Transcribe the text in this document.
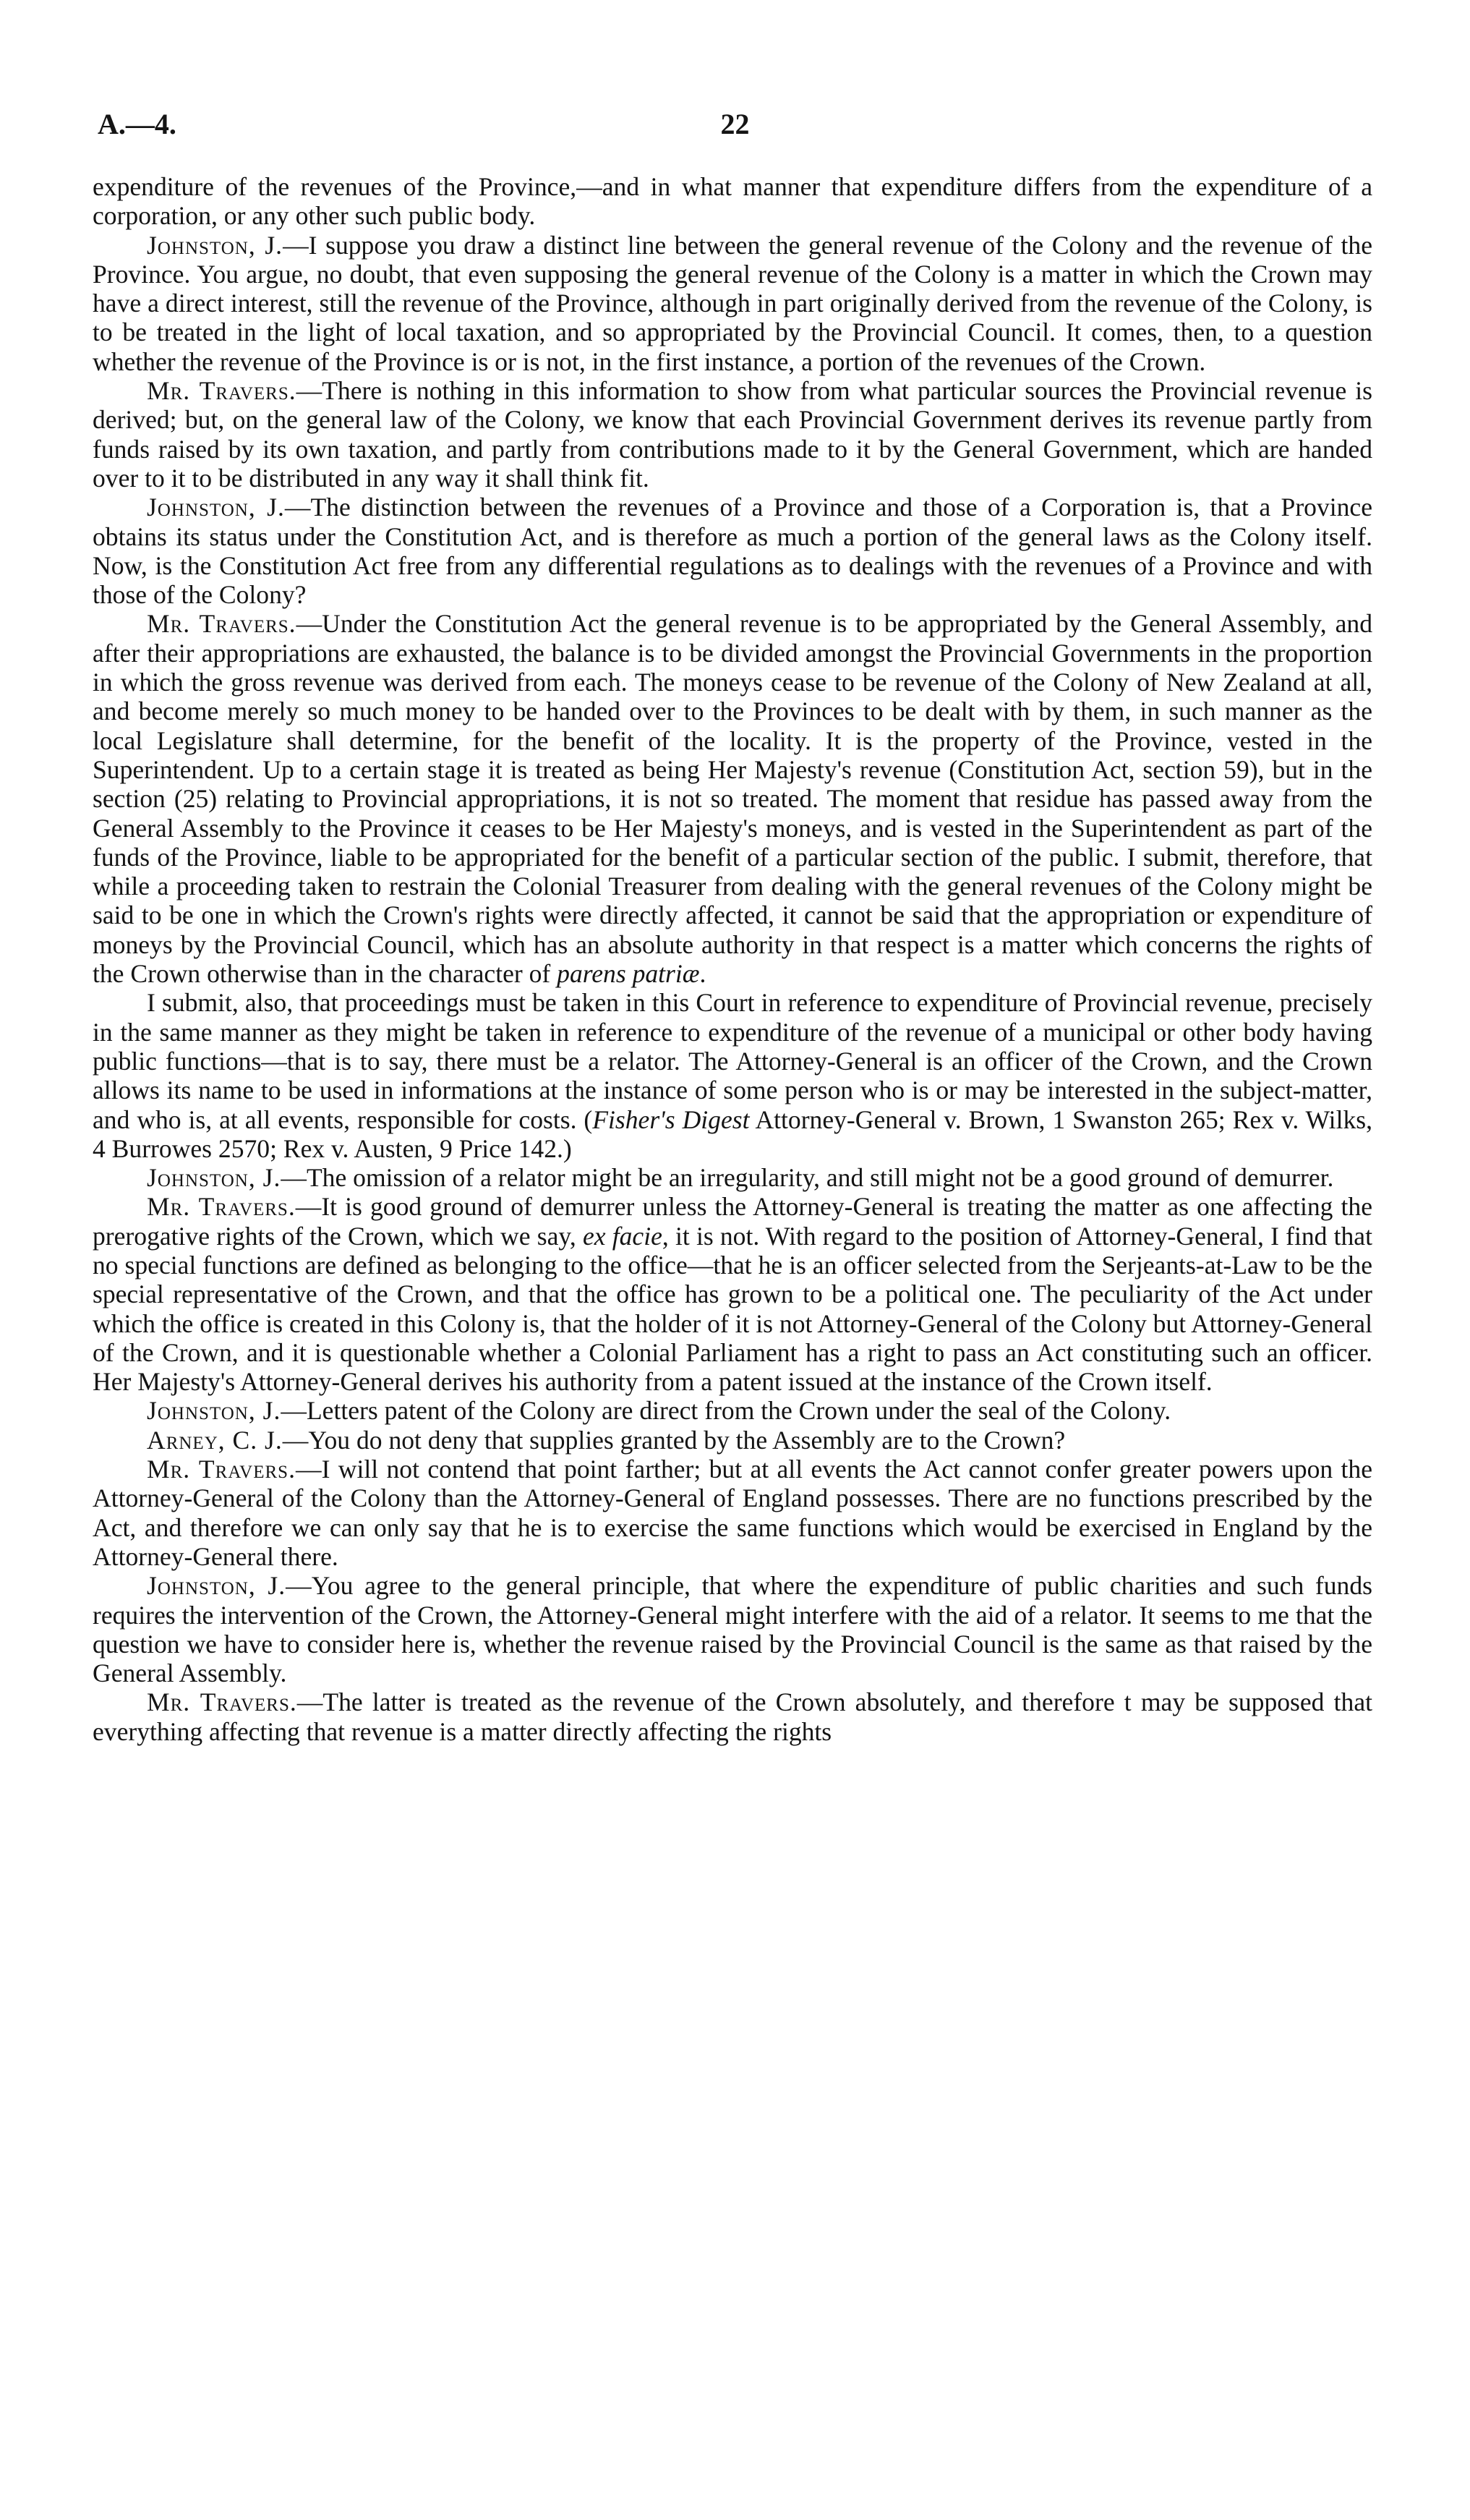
A.—4.	22

expenditure of the revenues of the Province,—and in what manner that expenditure differs from the expenditure of a corporation, or any other such public body.

Johnston, J.—I suppose you draw a distinct line between the general revenue of the Colony and the revenue of the Province. You argue, no doubt, that even supposing the general revenue of the Colony is a matter in which the Crown may have a direct interest, still the revenue of the Province, although in part originally derived from the revenue of the Colony, is to be treated in the light of local taxation, and so appropriated by the Provincial Council. It comes, then, to a question whether the revenue of the Province is or is not, in the first instance, a portion of the revenues of the Crown.

Mr. Travers.—There is nothing in this information to show from what particular sources the Provincial revenue is derived; but, on the general law of the Colony, we know that each Provincial Government derives its revenue partly from funds raised by its own taxation, and partly from contributions made to it by the General Government, which are handed over to it to be distributed in any way it shall think fit.

Johnston, J.—The distinction between the revenues of a Province and those of a Corporation is, that a Province obtains its status under the Constitution Act, and is therefore as much a portion of the general laws as the Colony itself. Now, is the Constitution Act free from any differential regulations as to dealings with the revenues of a Province and with those of the Colony?

Mr. Travers.—Under the Constitution Act the general revenue is to be appropriated by the General Assembly, and after their appropriations are exhausted, the balance is to be divided amongst the Provincial Governments in the proportion in which the gross revenue was derived from each. The moneys cease to be revenue of the Colony of New Zealand at all, and become merely so much money to be handed over to the Provinces to be dealt with by them, in such manner as the local Legislature shall determine, for the benefit of the locality. It is the property of the Province, vested in the Superintendent. Up to a certain stage it is treated as being Her Majesty's revenue (Constitution Act, section 59), but in the section (25) relating to Provincial appropriations, it is not so treated. The moment that residue has passed away from the General Assembly to the Province it ceases to be Her Majesty's moneys, and is vested in the Superintendent as part of the funds of the Province, liable to be appropriated for the benefit of a particular section of the public. I submit, therefore, that while a proceeding taken to restrain the Colonial Treasurer from dealing with the general revenues of the Colony might be said to be one in which the Crown's rights were directly affected, it cannot be said that the appropriation or expenditure of moneys by the Provincial Council, which has an absolute authority in that respect is a matter which concerns the rights of the Crown otherwise than in the character of parens patriæ.

I submit, also, that proceedings must be taken in this Court in reference to expenditure of Provincial revenue, precisely in the same manner as they might be taken in reference to expenditure of the revenue of a municipal or other body having public functions—that is to say, there must be a relator. The Attorney-General is an officer of the Crown, and the Crown allows its name to be used in informations at the instance of some person who is or may be interested in the subject-matter, and who is, at all events, responsible for costs. (Fisher's Digest Attorney-General v. Brown, 1 Swanston 265; Rex v. Wilks, 4 Burrowes 2570; Rex v. Austen, 9 Price 142.)

Johnston, J.—The omission of a relator might be an irregularity, and still might not be a good ground of demurrer.

Mr. Travers.—It is good ground of demurrer unless the Attorney-General is treating the matter as one affecting the prerogative rights of the Crown, which we say, ex facie, it is not. With regard to the position of Attorney-General, I find that no special functions are defined as belonging to the office—that he is an officer selected from the Serjeants-at-Law to be the special representative of the Crown, and that the office has grown to be a political one. The peculiarity of the Act under which the office is created in this Colony is, that the holder of it is not Attorney-General of the Colony but Attorney-General of the Crown, and it is questionable whether a Colonial Parliament has a right to pass an Act constituting such an officer. Her Majesty's Attorney-General derives his authority from a patent issued at the instance of the Crown itself.

Johnston, J.—Letters patent of the Colony are direct from the Crown under the seal of the Colony.

Arney, C. J.—You do not deny that supplies granted by the Assembly are to the Crown?

Mr. Travers.—I will not contend that point farther; but at all events the Act cannot confer greater powers upon the Attorney-General of the Colony than the Attorney-General of England possesses. There are no functions prescribed by the Act, and therefore we can only say that he is to exercise the same functions which would be exercised in England by the Attorney-General there.

Johnston, J.—You agree to the general principle, that where the expenditure of public charities and such funds requires the intervention of the Crown, the Attorney-General might interfere with the aid of a relator. It seems to me that the question we have to consider here is, whether the revenue raised by the Provincial Council is the same as that raised by the General Assembly.

Mr. Travers.—The latter is treated as the revenue of the Crown absolutely, and therefore t may be supposed that everything affecting that revenue is a matter directly affecting the rights
